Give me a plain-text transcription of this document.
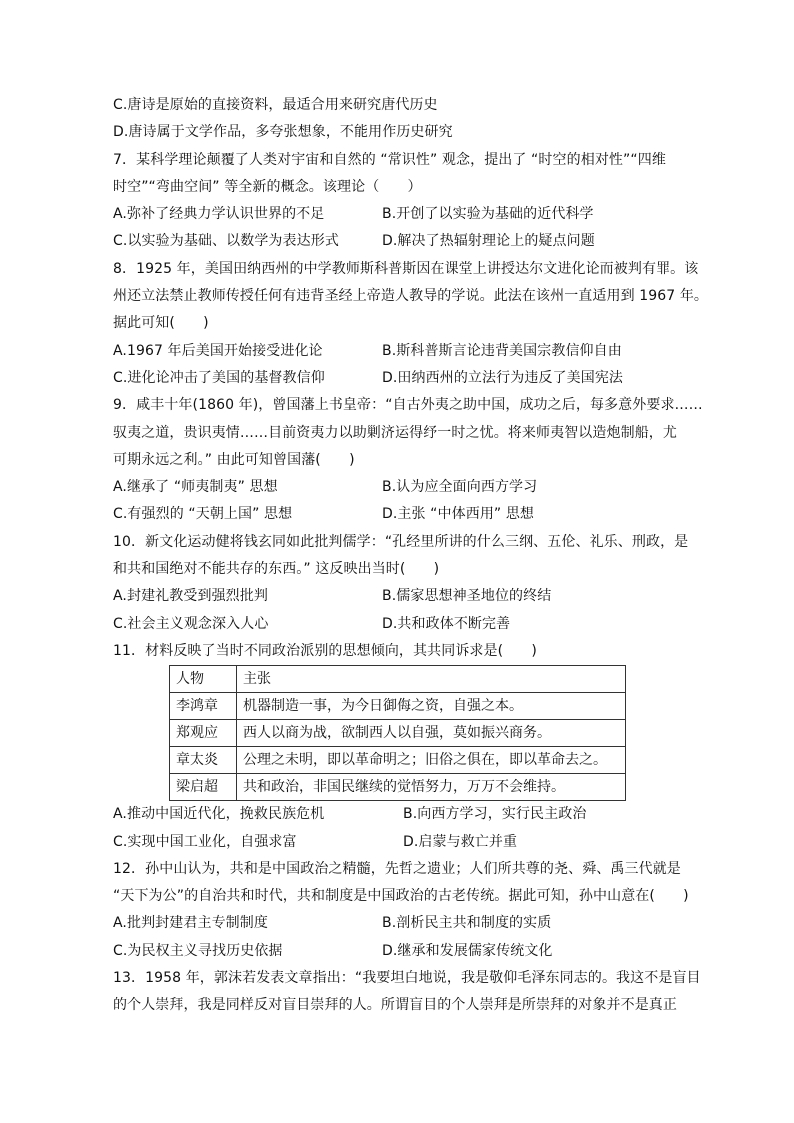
C.唐诗是原始的直接资料，最适合用来研究唐代历史
D.唐诗属于文学作品，多夸张想象，不能用作历史研究
7．某科学理论颠覆了人类对宇宙和自然的 “常识性” 观念，提出了 “时空的相对性”“四维
时空”“弯曲空间” 等全新的概念。该理论（　　）
A.弥补了经典力学认识世界的不足	B.开创了以实验为基础的近代科学
C.以实验为基础、以数学为表达形式	D.解决了热辐射理论上的疑点问题
8．1925 年，美国田纳西州的中学教师斯科普斯因在课堂上讲授达尔文进化论而被判有罪。该
州还立法禁止教师传授任何有违背圣经上帝造人教导的学说。此法在该州一直适用到 1967 年。
据此可知(　　)
A.1967 年后美国开始接受进化论	B.斯科普斯言论违背美国宗教信仰自由
C.进化论冲击了美国的基督教信仰	D.田纳西州的立法行为违反了美国宪法
9．咸丰十年(1860 年)，曾国藩上书皇帝：“自古外夷之助中国，成功之后，每多意外要求……
驭夷之道，贵识夷情……目前资夷力以助剿济运得纾一时之忧。将来师夷智以造炮制船，尤
可期永远之利。” 由此可知曾国藩(　　)
A.继承了 “师夷制夷” 思想	B.认为应全面向西方学习
C.有强烈的 “天朝上国” 思想	D.主张 “中体西用” 思想
10．新文化运动健将钱玄同如此批判儒学：“孔经里所讲的什么三纲、五伦、礼乐、刑政，是
和共和国绝对不能共存的东西。” 这反映出当时(　　)
A.封建礼教受到强烈批判	B.儒家思想神圣地位的终结
C.社会主义观念深入人心	D.共和政体不断完善
11．材料反映了当时不同政治派别的思想倾向，其共同诉求是(　　)
人物	主张
李鸿章	机器制造一事，为今日御侮之资，自强之本。
郑观应	西人以商为战，欲制西人以自强，莫如振兴商务。
章太炎	公理之未明，即以革命明之；旧俗之俱在，即以革命去之。
梁启超	共和政治，非国民继续的觉悟努力，万万不会维持。
A.推动中国近代化，挽救民族危机	B.向西方学习，实行民主政治
C.实现中国工业化，自强求富	D.启蒙与救亡并重
12．孙中山认为，共和是中国政治之精髓，先哲之遗业；人们所共尊的尧、舜、禹三代就是
“天下为公”的自治共和时代，共和制度是中国政治的古老传统。据此可知，孙中山意在(　　)
A.批判封建君主专制制度	B.剖析民主共和制度的实质
C.为民权主义寻找历史依据	D.继承和发展儒家传统文化
13．1958 年，郭沫若发表文章指出：“我要坦白地说，我是敬仰毛泽东同志的。我这不是盲目
的个人崇拜，我是同样反对盲目崇拜的人。所谓盲目的个人崇拜是所崇拜的对象并不是真正
